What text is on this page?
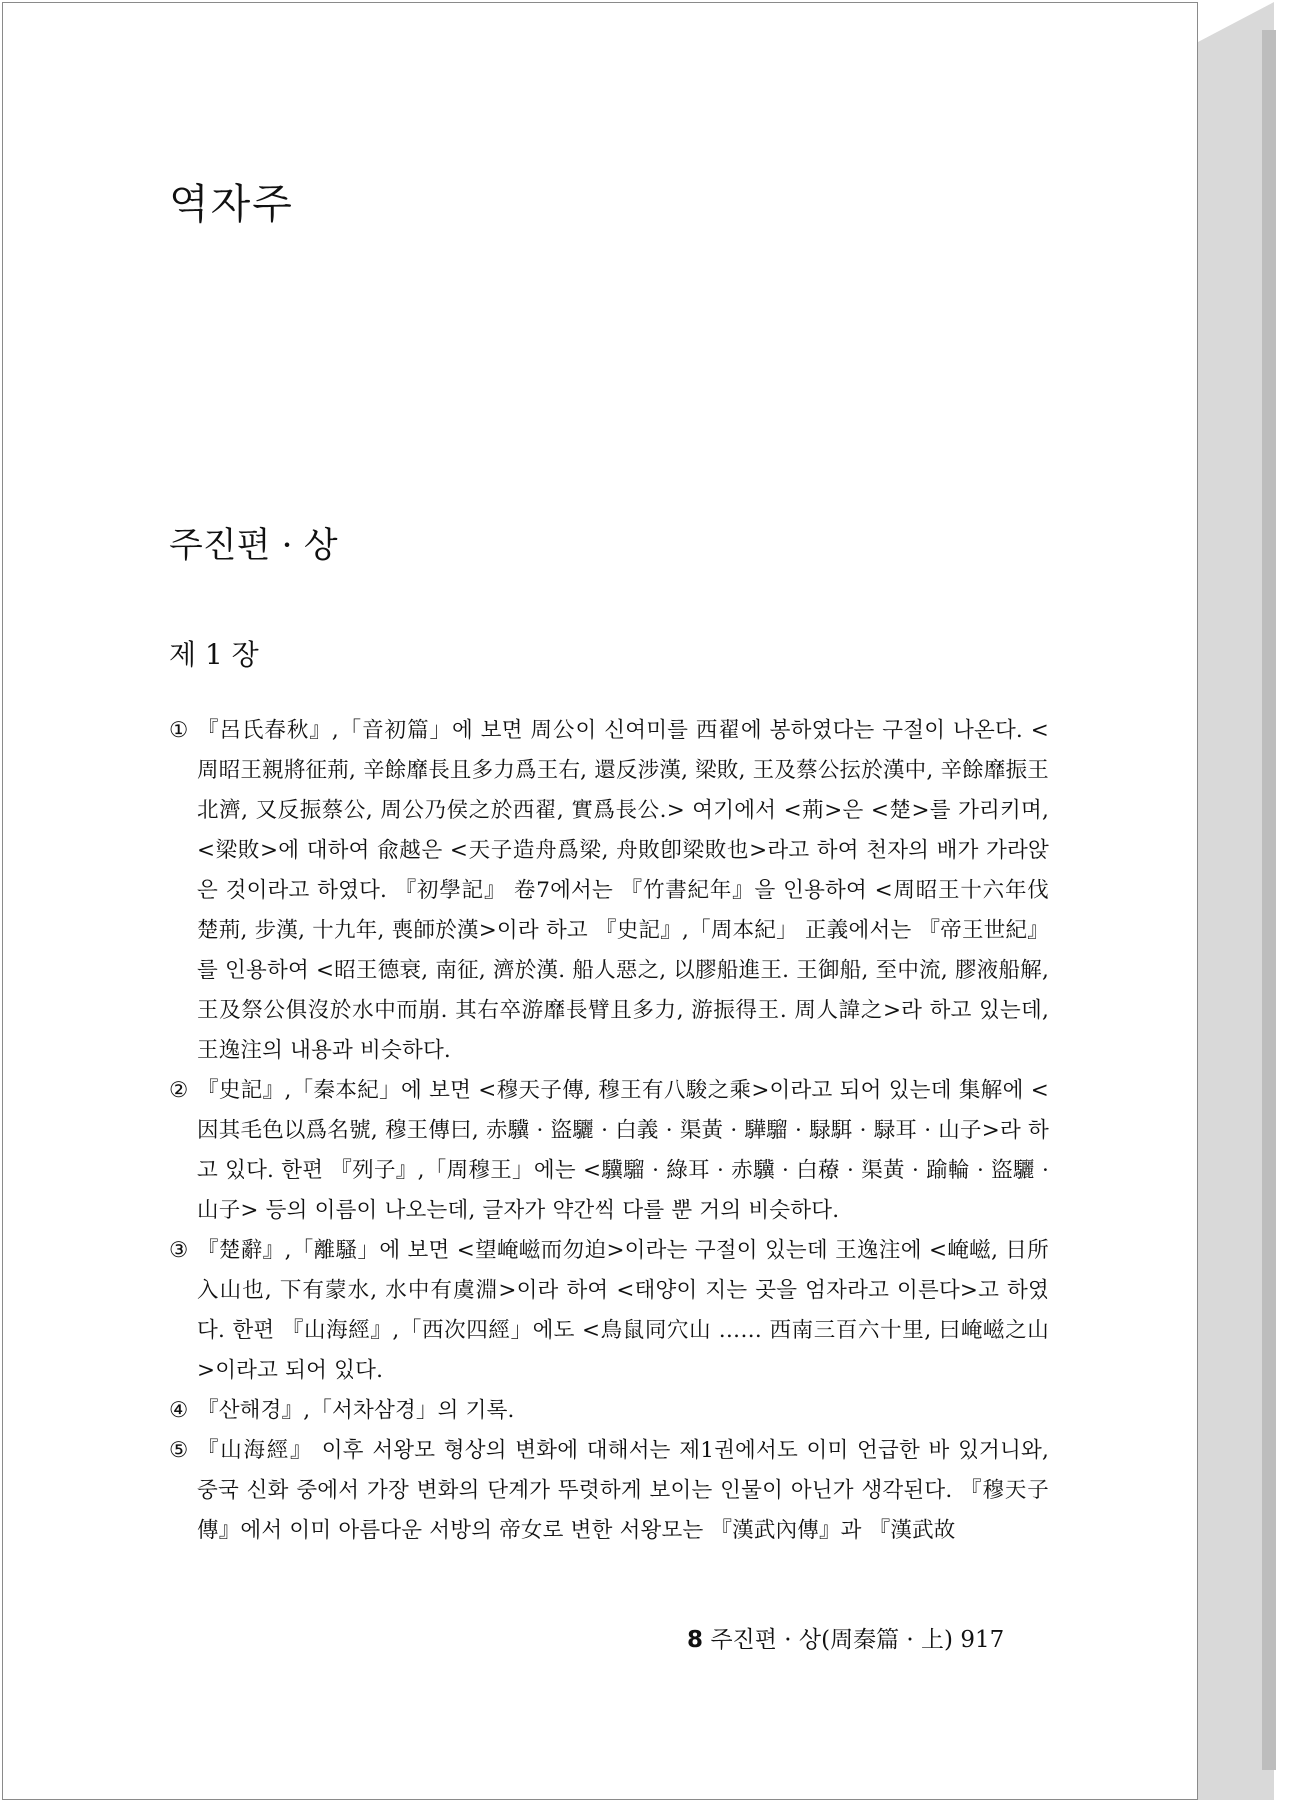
역자주
주진편 · 상
제 1 장
① 『呂氏春秋』,「音初篇」에 보면 周公이 신여미를 西翟에 봉하였다는 구절이 나온다. <周昭王親將征荊, 辛餘靡長且多力爲王右, 還反涉漢, 梁敗, 王及蔡公抎於漢中, 辛餘靡振王北濟, 又反振蔡公, 周公乃侯之於西翟, 實爲長公.> 여기에서 <荊>은 <楚>를 가리키며, <梁敗>에 대하여 兪越은 <天子造舟爲梁, 舟敗卽梁敗也>라고 하여 천자의 배가 가라앉은 것이라고 하였다. 『初學記』 卷7에서는 『竹書紀年』을 인용하여 <周昭王十六年伐楚荊, 步漢, 十九年, 喪師於漢>이라 하고 『史記』,「周本紀」 正義에서는 『帝王世紀』를 인용하여 <昭王德衰, 南征, 濟於漢. 船人惡之, 以膠船進王. 王御船, 至中流, 膠液船解, 王及祭公俱沒於水中而崩. 其右卒游靡長臂且多力, 游振得王. 周人諱之>라 하고 있는데, 王逸注의 내용과 비슷하다.
② 『史記』,「秦本紀」에 보면 <穆天子傳, 穆王有八駿之乘>이라고 되어 있는데 集解에 <因其毛色以爲名號, 穆王傳曰, 赤驥 · 盜驪 · 白義 · 渠黃 · 驊騮 · 騄駬 · 騄耳 · 山子>라 하고 있다. 한편 『列子』,「周穆王」에는 <驥騮 · 綠耳 · 赤驥 · 白䕩 · 渠黃 · 踰輪 · 盜驪 · 山子> 등의 이름이 나오는데, 글자가 약간씩 다를 뿐 거의 비슷하다.
③ 『楚辭』,「離騷」에 보면 <望崦嵫而勿迫>이라는 구절이 있는데 王逸注에 <崦嵫, 日所入山也, 下有蒙水, 水中有虞淵>이라 하여 <태양이 지는 곳을 엄자라고 이른다>고 하였다. 한편 『山海經』,「西次四經」에도 <鳥鼠同穴山 …… 西南三百六十里, 曰崦嵫之山>이라고 되어 있다.
④ 『산해경』,「서차삼경」의 기록.
⑤ 『山海經』 이후 서왕모 형상의 변화에 대해서는 제1권에서도 이미 언급한 바 있거니와, 중국 신화 중에서 가장 변화의 단계가 뚜렷하게 보이는 인물이 아닌가 생각된다. 『穆天子傳』에서 이미 아름다운 서방의 帝女로 변한 서왕모는 『漢武內傳』과 『漢武故
8 주진편 · 상(周秦篇 · 上) 917
